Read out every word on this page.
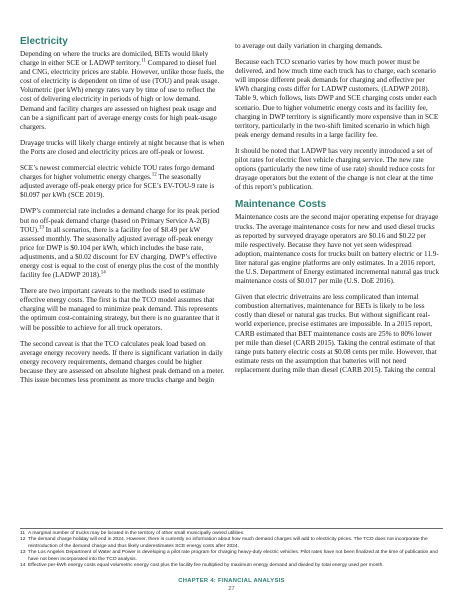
Electricity

Depending on where the trucks are domiciled, BETs would likely charge in either SCE or LADWP territory.$^{11}$ Compared to diesel fuel and CNG, electricity prices are stable. However, unlike those fuels, the cost of electricity is dependent on time of use (TOU) and peak usage. Volumetric (per kWh) energy rates vary by time of use to reflect the cost of delivering electricity in periods of high or low demand. Demand and facility charges are assessed on highest peak usage and can be a significant part of average energy costs for high peak-usage chargers.

Drayage trucks will likely charge entirely at night because that is when the Ports are closed and electricity prices are off-peak or lowest.

SCE’s newest commercial electric vehicle TOU rates forgo demand charges for higher volumetric energy charges.$^{12}$ The seasonally adjusted average off-peak energy price for SCE’s EV-TOU-9 rate is $0.097 per kWh (SCE 2019).

DWP’s commercial rate includes a demand charge for its peak period but no off-peak demand charge (based on Primary Service A-2(B) TOU).$^{13}$ In all scenarios, there is a facility fee of $8.49 per kW assessed monthly. The seasonally adjusted average off-peak energy price for DWP is $0.104 per kWh, which includes the base rate, adjustments, and a $0.02 discount for EV charging. DWP’s effective energy cost is equal to the cost of energy plus the cost of the monthly facility fee (LADWP 2018).$^{14}$

There are two important caveats to the methods used to estimate effective energy costs. The first is that the TCO model assumes that charging will be managed to minimize peak demand. This represents the optimum cost-containing strategy, but there is no guarantee that it will be possible to achieve for all truck operators.

The second caveat is that the TCO calculates peak load based on average energy recovery needs. If there is significant variation in daily energy recovery requirements, demand charges could be higher because they are assessed on absolute highest peak demand on a meter. This issue becomes less prominent as more trucks charge and begin

to average out daily variation in charging demands.

Because each TCO scenario varies by how much power must be delivered, and how much time each truck has to charge, each scenario will impose different peak demands for charging and effective per kWh charging costs differ for LADWP customers. (LADWP 2018). Table 9, which follows, lists DWP and SCE charging costs under each scenario. Due to higher volumetric energy costs and its facility fee, charging in DWP territory is significantly more expensive than in SCE territory, particularly in the two-shift limited scenario in which high peak energy demand results in a large facility fee.

It should be noted that LADWP has very recently introduced a set of pilot rates for electric fleet vehicle charging service. The new rate options (particularly the new time of use rate) should reduce costs for drayage operators but the extent of the change is not clear at the time of this report’s publication.

Maintenance Costs

Maintenance costs are the second major operating expense for drayage trucks. The average maintenance costs for new and used diesel trucks as reported by surveyed drayage operators are $0.16 and $0.22 per mile respectively. Because they have not yet seen widespread adoption, maintenance costs for trucks built on battery electric or 11.9-liter natural gas engine platforms are only estimates. In a 2016 report, the U.S. Department of Energy estimated incremental natural gas truck maintenance costs of $0.017 per mile (U.S. DoE 2016).

Given that electric drivetrains are less complicated than internal combustion alternatives, maintenance for BETs is likely to be less costly than diesel or natural gas trucks. But without significant real-world experience, precise estimates are impossible. In a 2015 report, CARB estimated that BET maintenance costs are 25% to 80% lower per mile than diesel (CARB 2015). Taking the central estimate of that range puts battery electric costs at $0.08 cents per mile. However, that estimate rests on the assumption that batteries will not need replacement during mile than diesel (CARB 2015). Taking the central

11 A marginal number of trucks may be located in the territory of other small municipally owned utilities.
12 The demand charge holiday will end in 2024. However, there is currently no information about how much demand charges will add to electricity prices. The TCO does not incorporate the reintroduction of the demand charge and thus likely underestimates SCE energy costs after 2024.
13 The Los Angeles Department of Water and Power is developing a pilot rate program for charging heavy-duty electric vehicles. Pilot rates have not been finalized at the time of publication and have not been incorporated into the TCO analysis.
14 Effective per-kWh energy costs equal volumetric energy cost plus the facility fee multiplied by maximum energy demand and divided by total energy used per month.
CHAPTER 4: FINANCIAL ANALYSIS
27
